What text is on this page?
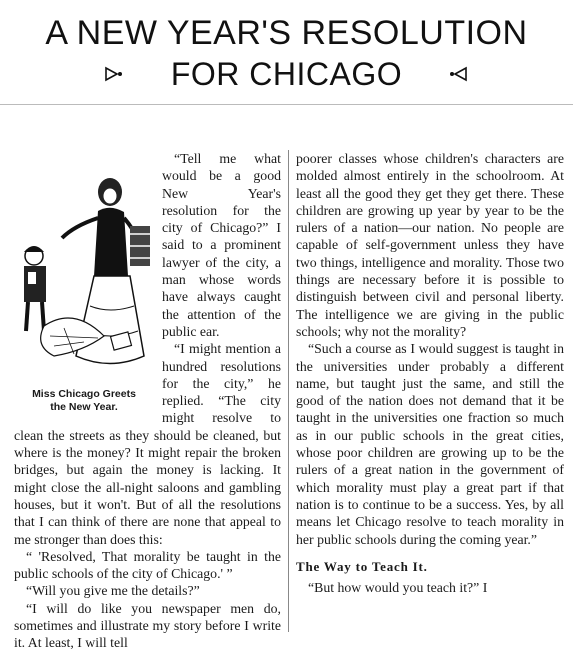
A NEW YEAR'S RESOLUTION
FOR CHICAGO
Miss Chicago Greets
the New Year.

“Tell me what would be a good New Year's resolution for the city of Chicago?” I said to a prominent lawyer of the city, a man whose words have always caught the attention of the public ear.

“I might mention a hundred resolutions for the city,” he replied. “The city might resolve to clean the streets as they should be cleaned, but where is the money? It might repair the broken bridges, but again the money is lacking. It might close the all-night saloons and gambling houses, but it won't. But of all the resolutions that I can think of there are none that appeal to me stronger than does this:

“ 'Resolved, That morality be taught in the public schools of the city of Chicago.' ”

“Will you give me the details?”

“I will do like you newspaper men do, sometimes and illustrate my story before I write it. At least, I will tell

poorer classes whose children's characters are molded almost entirely in the schoolroom. At least all the good they get they get there. These children are growing up year by year to be the rulers of a nation—our nation. No people are capable of self-government unless they have two things, intelligence and morality. Those two things are necessary before it is possible to distinguish between civil and personal liberty. The intelligence we are giving in the public schools; why not the morality?

“Such a course as I would suggest is taught in the universities under probably a different name, but taught just the same, and still the good of the nation does not demand that it be taught in the universities one fraction so much as in our public schools in the great cities, whose poor children are growing up to be the rulers of a great nation in the government of which morality must play a great part if that nation is to continue to be a success. Yes, by all means let Chicago resolve to teach morality in her public schools during the coming year.”

The Way to Teach It.

“But how would you teach it?” I
